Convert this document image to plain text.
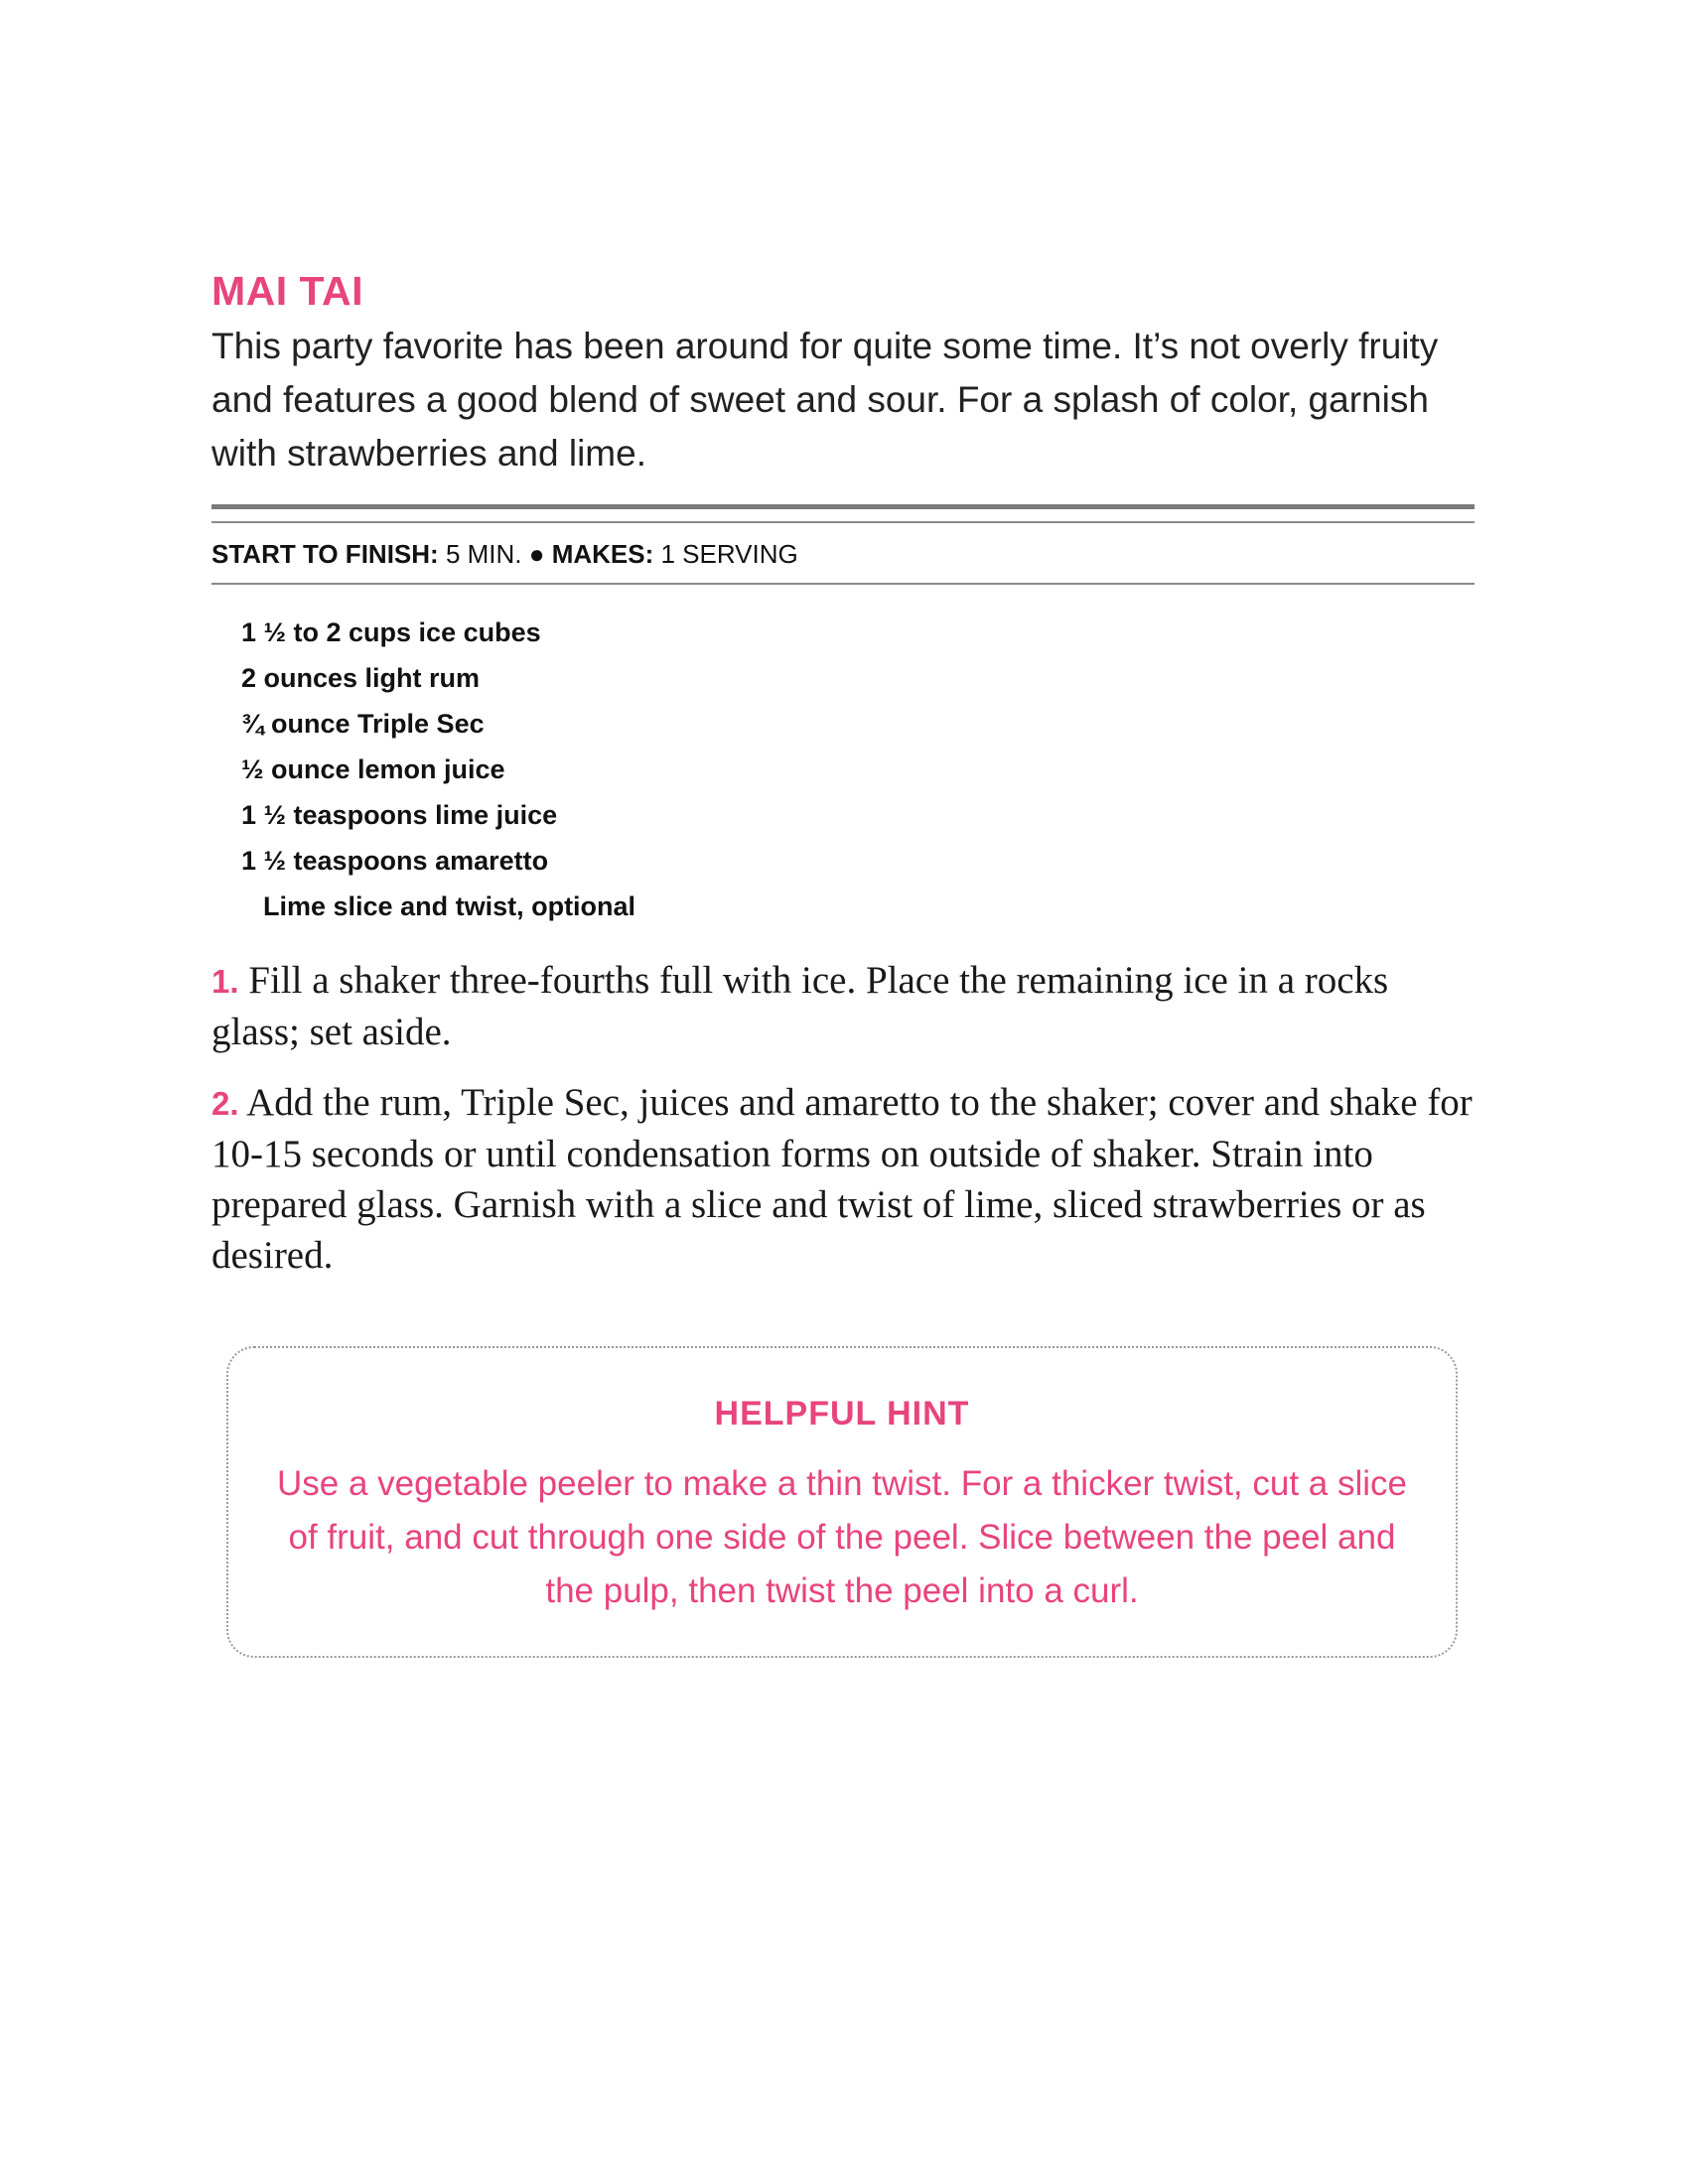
MAI TAI

This party favorite has been around for quite some time. It’s not overly fruity and features a good blend of sweet and sour. For a splash of color, garnish with strawberries and lime.

START TO FINISH: 5 MIN. ● MAKES: 1 SERVING
1 ½ to 2 cups ice cubes
2 ounces light rum
¾ ounce Triple Sec
½ ounce lemon juice
1 ½ teaspoons lime juice
1 ½ teaspoons amaretto
Lime slice and twist, optional

1. Fill a shaker three-fourths full with ice. Place the remaining ice in a rocks glass; set aside.

2. Add the rum, Triple Sec, juices and amaretto to the shaker; cover and shake for 10-15 seconds or until condensation forms on outside of shaker. Strain into prepared glass. Garnish with a slice and twist of lime, sliced strawberries or as desired.

HELPFUL HINT
Use a vegetable peeler to make a thin twist. For a thicker twist, cut a slice of fruit, and cut through one side of the peel. Slice between the peel and the pulp, then twist the peel into a curl.
